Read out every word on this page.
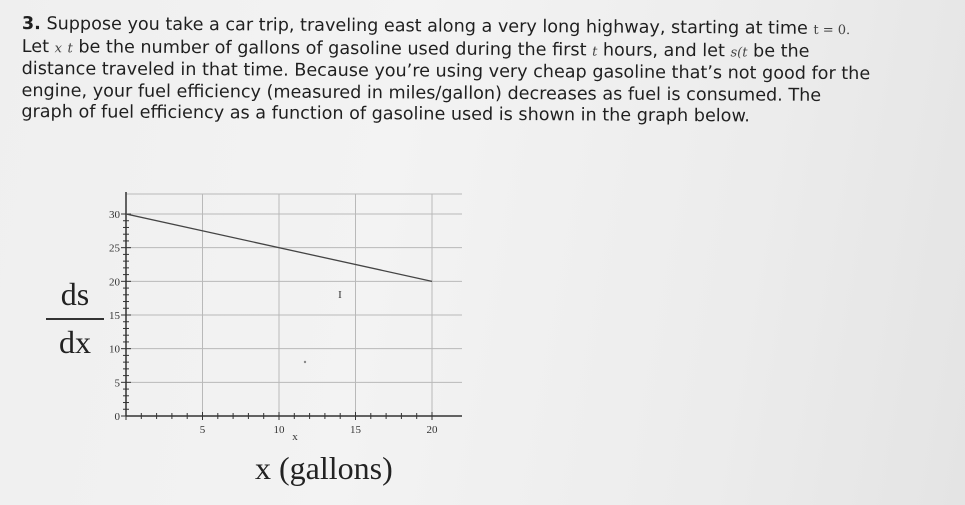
3. Suppose you take a car trip, traveling east along a very long highway, starting at time t = 0.

Let x t be the number of gallons of gasoline used during the first t hours, and let s(t be the

distance traveled in that time. Because you’re using very cheap gasoline that’s not good for the

engine, your fuel efficiency (measured in miles/gallon) decreases as fuel is consumed. The

graph of fuel efficiency as a function of gasoline used is shown in the graph below.

ds
dx
x (gallons)
0
5
10
15
20
25
30
5	10	15	20
x
I
